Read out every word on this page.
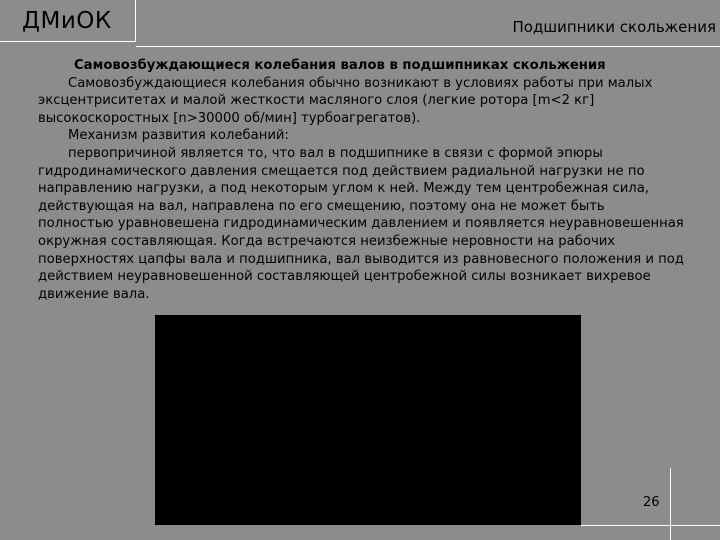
ДМиОК	Подшипники скольжения

Самовозбуждающиеся колебания валов в подшипниках скольжения

Самовозбуждающиеся колебания обычно возникают в условиях работы при малых эксцентриситетах и малой жесткости масляного слоя (легкие ротора [m<2 кг] высокоскоростных [n>30000 об/мин] турбоагрегатов).

Механизм развития колебаний:

первопричиной является то, что вал в подшипнике в связи с формой эпюры гидродинамического давления смещается под действием радиальной нагрузки не по направлению нагрузки, а под некоторым углом к ней. Между тем центробежная сила, действующая на вал, направлена по его смещению, поэтому она не может быть полностью уравновешена гидродинамическим давлением и появляется неуравновешенная окружная составляющая. Когда встречаются неизбежные неровности на рабочих поверхностях цапфы вала и подшипника, вал выводится из равновесного положения и под действием неуравновешенной составляющей центробежной силы возникает вихревое движение вала.

26
